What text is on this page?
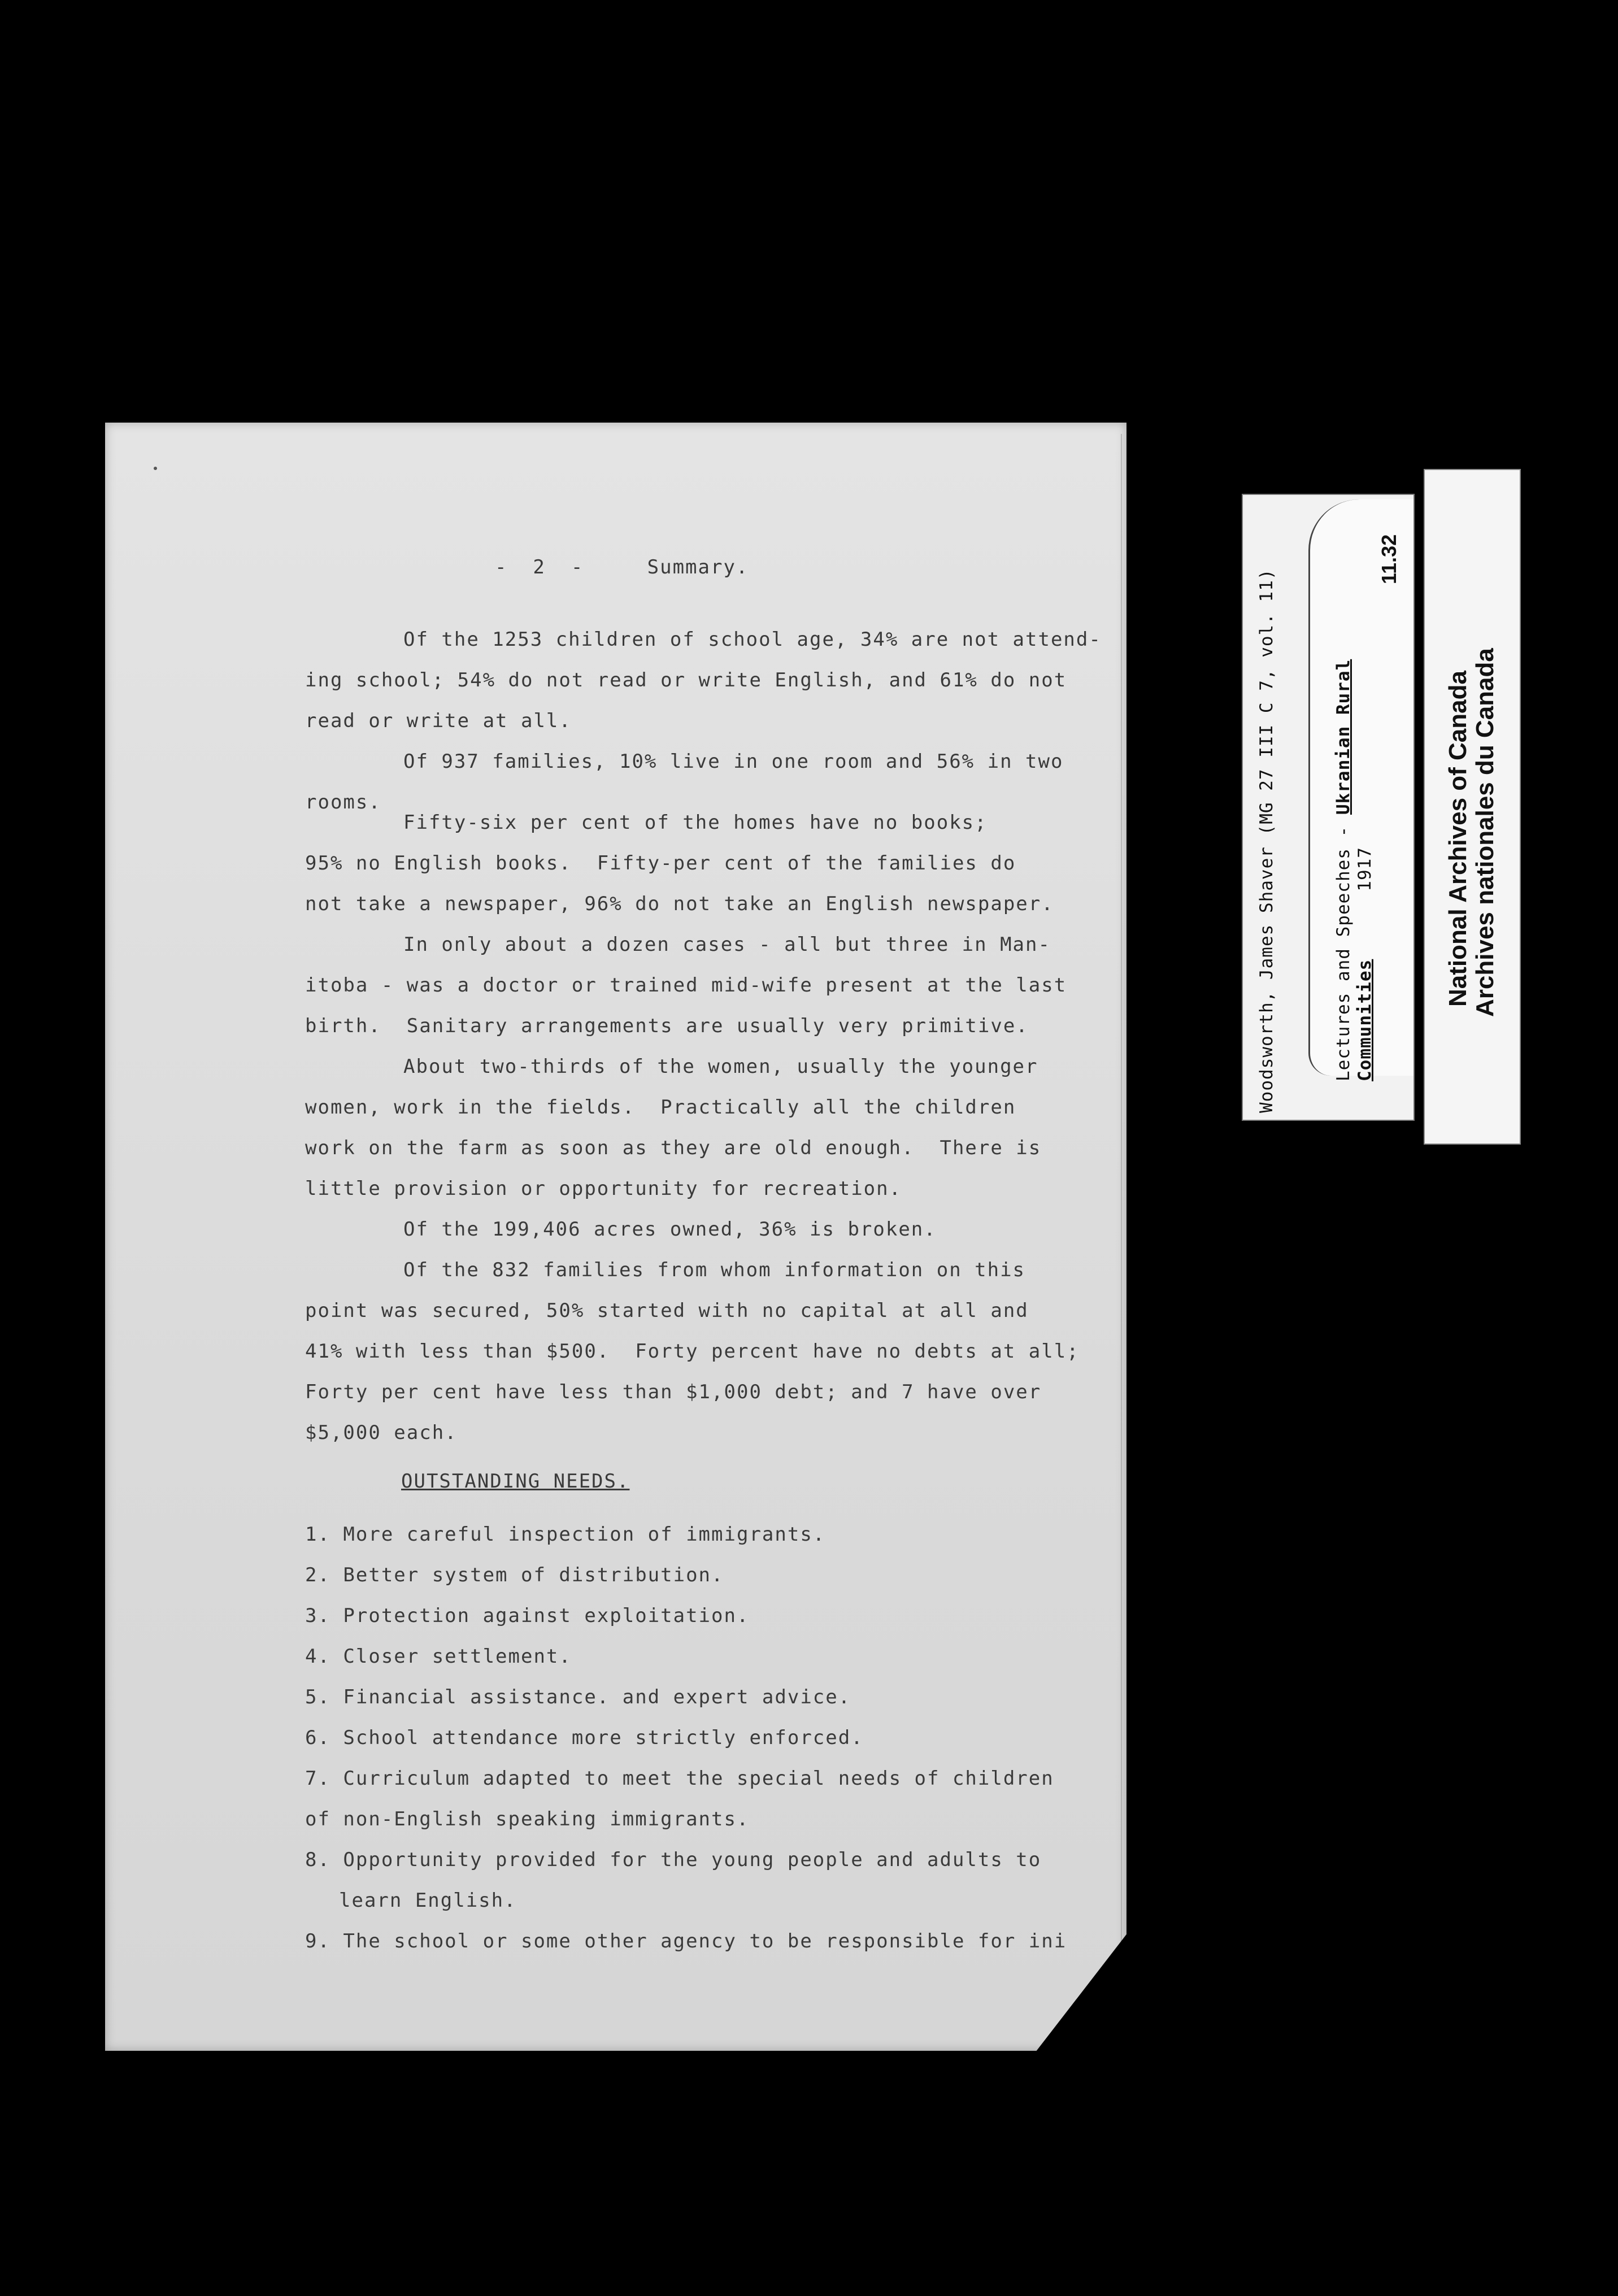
-  2  -     Summary.
Of the 1253 children of school age, 34% are not attend-
ing school; 54% do not read or write English, and 61% do not
read or write at all.
Of 937 families, 10% live in one room and 56% in two
rooms.
Fifty-six per cent of the homes have no books;
95% no English books.  Fifty-per cent of the families do
not take a newspaper, 96% do not take an English newspaper.
In only about a dozen cases - all but three in Man-
itoba - was a doctor or trained mid-wife present at the last
birth.  Sanitary arrangements are usually very primitive.
About two-thirds of the women, usually the younger
women, work in the fields.  Practically all the children
work on the farm as soon as they are old enough.  There is
little provision or opportunity for recreation.
Of the 199,406 acres owned, 36% is broken.
Of the 832 families from whom information on this
point was secured, 50% started with no capital at all and
41% with less than $500.  Forty percent have no debts at all;
Forty per cent have less than $1,000 debt; and 7 have over
$5,000 each.
OUTSTANDING NEEDS.
1. More careful inspection of immigrants.
2. Better system of distribution.
3. Protection against exploitation.
4. Closer settlement.
5. Financial assistance. and expert advice.
6. School attendance more strictly enforced.
7. Curriculum adapted to meet the special needs of children
of non-English speaking immigrants.
8. Opportunity provided for the young people and adults to
learn English.
9. The school or some other agency to be responsible for ini
Woodsworth, James Shaver (MG 27 III C 7, vol. 11)	Lectures and Speeches - Ukranian Rural
Communities1917
11.32
National Archives of Canada Archives nationales du Canada
